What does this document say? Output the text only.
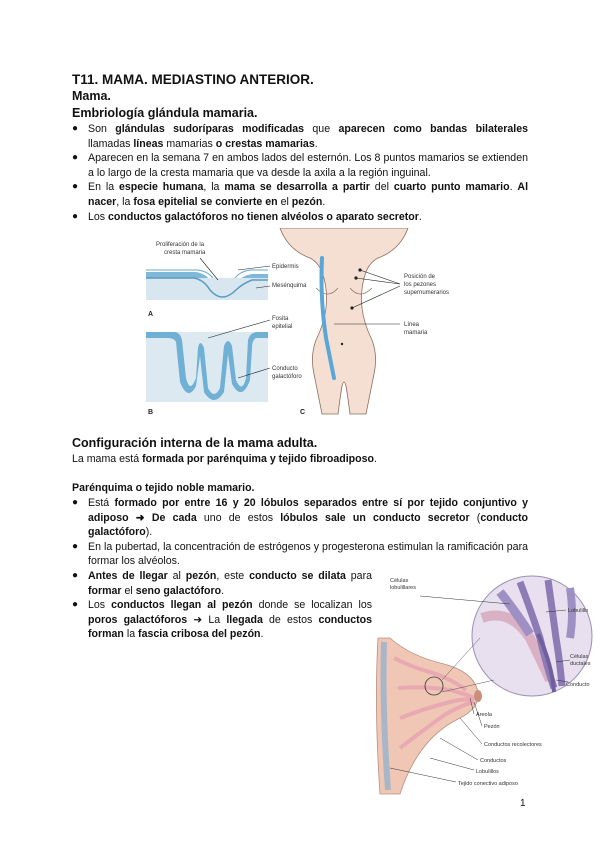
T11. MAMA. MEDIASTINO ANTERIOR.
Mama.
Embriología glándula mamaria.
● Son glándulas sudoríparas modificadas que aparecen como bandas bilaterales llamadas líneas mamarias o crestas mamarias.
● Aparecen en la semana 7 en ambos lados del esternón. Los 8 puntos mamarios se extienden a lo largo de la cresta mamaria que va desde la axila a la región inguinal.
● En la especie humana, la mama se desarrolla a partir del cuarto punto mamario. Al nacer, la fosa epitelial se convierte en el pezón.
● Los conductos galactóforos no tienen alvéolos o aparato secretor.
Proliferación de la
cresta mamaria
Epidermis
Mesénquima
A
Fosita
epitelial
Conducto
galactóforo
B
Posición de
los pezones
supernumerarios
Línea
mamaria
C
Configuración interna de la mama adulta.
La mama está formada por parénquima y tejido fibroadiposo.
Parénquima o tejido noble mamario.
● Está formado por entre 16 y 20 lóbulos separados entre sí por tejido conjuntivo y adiposo ➜ De cada uno de estos lóbulos sale un conducto secretor (conducto galactóforo).
● En la pubertad, la concentración de estrógenos y progesterona estimulan la ramificación para formar los alvéolos.
● Antes de llegar al pezón, este conducto se dilata para formar el seno galactóforo.
● Los conductos llegan al pezón donde se localizan los poros galactóforos ➜ La llegada de estos conductos forman la fascia cribosa del pezón.
Células
lobulillares
Lobulillo
Células
ductales
Conducto
Areola
Pezón
Conductos recolectores
Conductos
Lobulillos
Tejido conectivo adiposo
1
